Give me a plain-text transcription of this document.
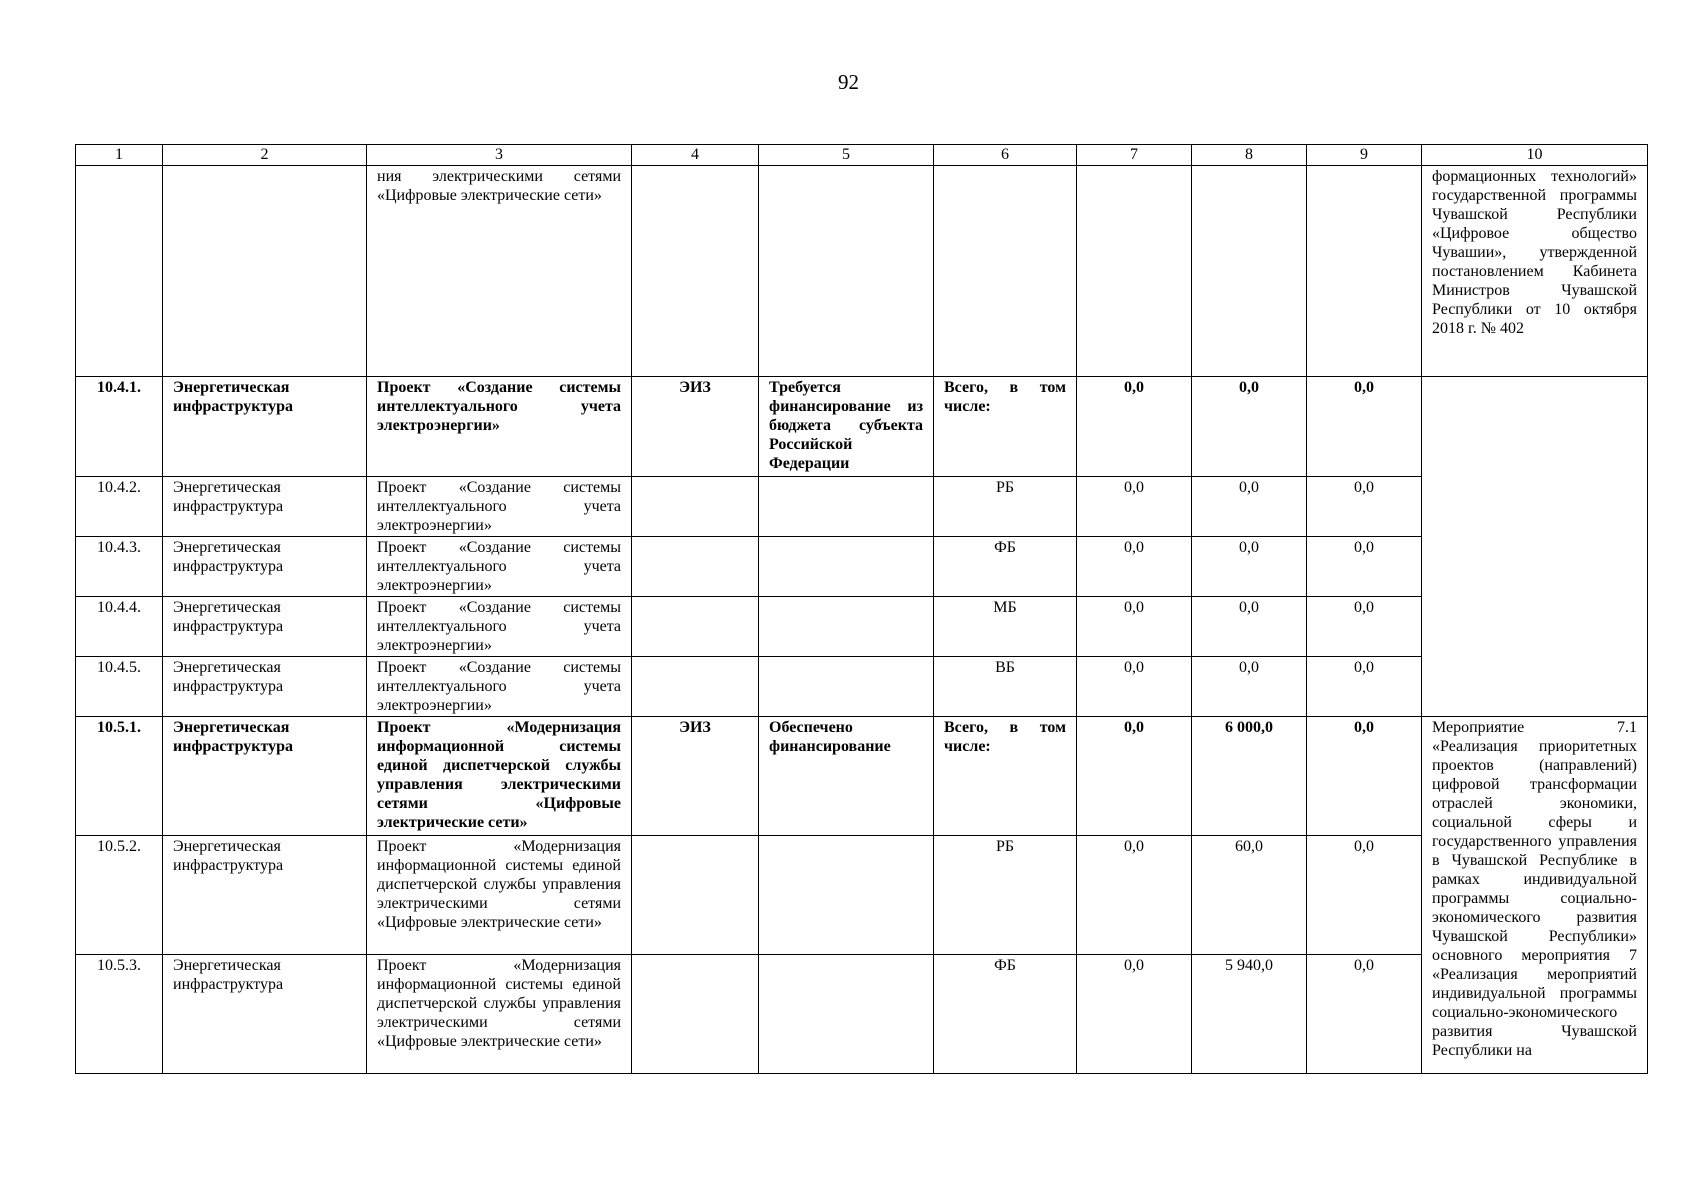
92
1	2	3	4	5	6	7	8	9	10
		ния электрическими сетями «Цифровые электрические сети»							формационных технологий» государственной программы Чувашской Республики «Цифровое общество Чувашии», утвержденной постановлением Кабинета Министров Чувашской Республики от 10 октября 2018 г. № 402
10.4.1.	Энергетическая инфраструктура	Проект «Создание системы интеллектуального учета электроэнергии»	ЭИЗ	Требуется финансирование из бюджета субъекта Российской Федерации	Всего, в том числе:	0,0	0,0	0,0	
10.4.2.	Энергетическая инфраструктура	Проект «Создание системы интеллектуального учета электроэнергии»			РБ	0,0	0,0	0,0	
10.4.3.	Энергетическая инфраструктура	Проект «Создание системы интеллектуального учета электроэнергии»			ФБ	0,0	0,0	0,0	
10.4.4.	Энергетическая инфраструктура	Проект «Создание системы интеллектуального учета электроэнергии»			МБ	0,0	0,0	0,0	
10.4.5.	Энергетическая инфраструктура	Проект «Создание системы интеллектуального учета электроэнергии»			ВБ	0,0	0,0	0,0	
10.5.1.	Энергетическая инфраструктура	Проект «Модернизация информационной системы единой диспетчерской службы управления электрическими сетями «Цифровые электрические сети»	ЭИЗ	Обеспечено финансирование	Всего, в том числе:	0,0	6 000,0	0,0	Мероприятие 7.1 «Реализация приоритетных проектов (направлений) цифровой трансформации отраслей экономики, социальной сферы и государственного управления в Чувашской Республике в рамках индивидуальной программы социально-экономического развития Чувашской Республики» основного мероприятия 7 «Реализация мероприятий индивидуальной программы социально-экономического развития Чувашской Республики на
10.5.2.	Энергетическая инфраструктура	Проект «Модернизация информационной системы единой диспетчерской службы управления электрическими сетями «Цифровые электрические сети»			РБ	0,0	60,0	0,0	
10.5.3.	Энергетическая инфраструктура	Проект «Модернизация информационной системы единой диспетчерской службы управления электрическими сетями «Цифровые электрические сети»			ФБ	0,0	5 940,0	0,0	
